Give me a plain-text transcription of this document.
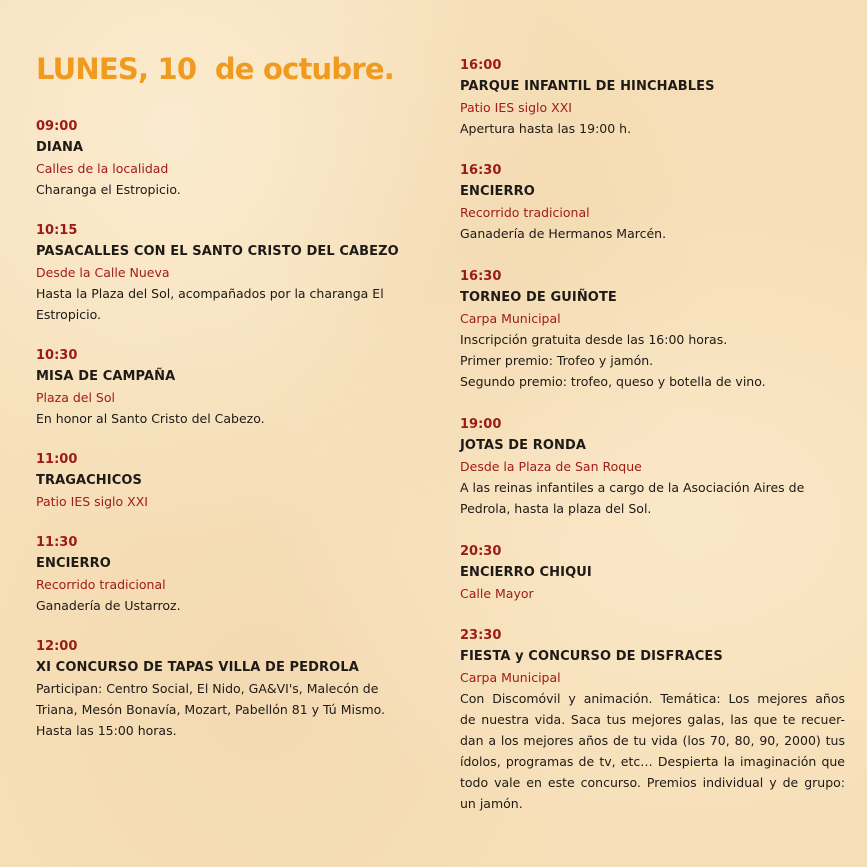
LUNES, 10  de octubre.
09:00
DIANA
Calles de la localidad
Charanga el Estropicio.
10:15
PASACALLES CON EL SANTO CRISTO DEL CABEZO
Desde la Calle Nueva
Hasta la Plaza del Sol, acompañados por la charanga El
Estropicio.
10:30
MISA DE CAMPAÑA
Plaza del Sol
En honor al Santo Cristo del Cabezo.
11:00
TRAGACHICOS
Patio IES siglo XXI
11:30
ENCIERRO
Recorrido tradicional
Ganadería de Ustarroz.
12:00
XI CONCURSO DE TAPAS VILLA DE PEDROLA
Participan: Centro Social, El Nido, GA&VI's, Malecón de
Triana, Mesón Bonavía, Mozart, Pabellón 81 y Tú Mismo.
Hasta las 15:00 horas.
16:00
PARQUE INFANTIL DE HINCHABLES
Patio IES siglo XXI
Apertura hasta las 19:00 h.
16:30
ENCIERRO
Recorrido tradicional
Ganadería de Hermanos Marcén.
16:30
TORNEO DE GUIÑOTE
Carpa Municipal
Inscripción gratuita desde las 16:00 horas.
Primer premio: Trofeo y jamón.
Segundo premio: trofeo, queso y botella de vino.
19:00
JOTAS DE RONDA
Desde la Plaza de San Roque
A las reinas infantiles a cargo de la Asociación Aires de
Pedrola, hasta la plaza del Sol.
20:30
ENCIERRO CHIQUI
Calle Mayor
23:30
FIESTA y CONCURSO DE DISFRACES
Carpa Municipal
Con Discomóvil y animación. Temática: Los mejores años
de nuestra vida. Saca tus mejores galas, las que te recuer-
dan a los mejores años de tu vida (los 70, 80, 90, 2000) tus
ídolos, programas de tv, etc… Despierta la imaginación que
todo vale en este concurso. Premios individual y de grupo:
un jamón.
